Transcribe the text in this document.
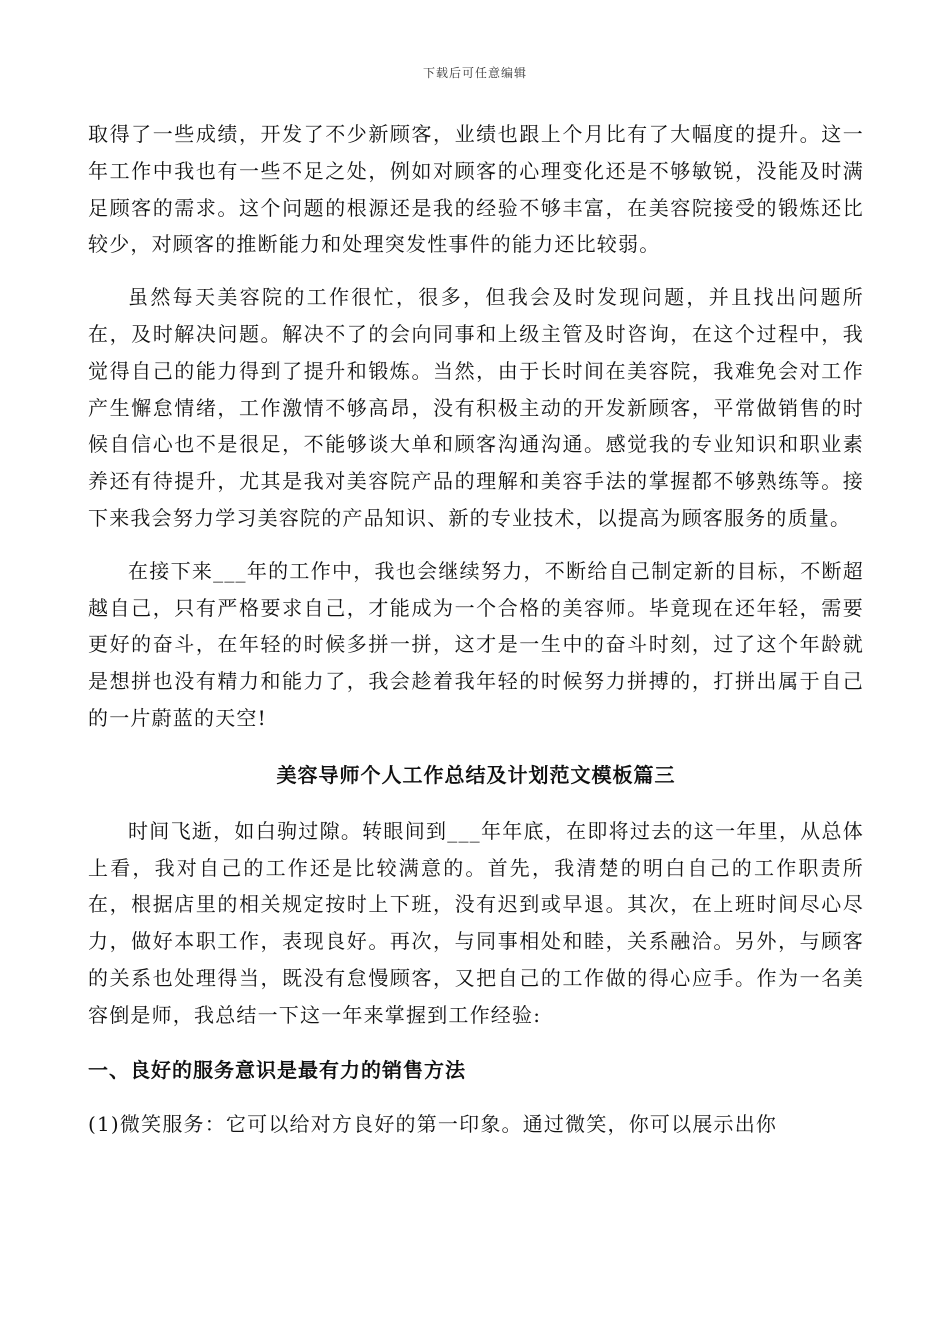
下载后可任意编辑

取得了一些成绩，开发了不少新顾客，业绩也跟上个月比有了大幅度的提升。这一年工作中我也有一些不足之处，例如对顾客的心理变化还是不够敏锐，没能及时满足顾客的需求。这个问题的根源还是我的经验不够丰富，在美容院接受的锻炼还比较少，对顾客的推断能力和处理突发性事件的能力还比较弱。

虽然每天美容院的工作很忙，很多，但我会及时发现问题，并且找出问题所在，及时解决问题。解决不了的会向同事和上级主管及时咨询，在这个过程中，我觉得自己的能力得到了提升和锻炼。当然，由于长时间在美容院，我难免会对工作产生懈怠情绪，工作激情不够高昂，没有积极主动的开发新顾客，平常做销售的时候自信心也不是很足，不能够谈大单和顾客沟通沟通。感觉我的专业知识和职业素养还有待提升，尤其是我对美容院产品的理解和美容手法的掌握都不够熟练等。接下来我会努力学习美容院的产品知识、新的专业技术，以提高为顾客服务的质量。

在接下来___年的工作中，我也会继续努力，不断给自己制定新的目标，不断超越自己，只有严格要求自己，才能成为一个合格的美容师。毕竟现在还年轻，需要更好的奋斗，在年轻的时候多拼一拼，这才是一生中的奋斗时刻，过了这个年龄就是想拼也没有精力和能力了，我会趁着我年轻的时候努力拼搏的，打拼出属于自己的一片蔚蓝的天空!

美容导师个人工作总结及计划范文模板篇三

时间飞逝，如白驹过隙。转眼间到___年年底，在即将过去的这一年里，从总体上看，我对自己的工作还是比较满意的。首先，我清楚的明白自己的工作职责所在，根据店里的相关规定按时上下班，没有迟到或早退。其次，在上班时间尽心尽力，做好本职工作，表现良好。再次，与同事相处和睦，关系融洽。另外，与顾客的关系也处理得当，既没有怠慢顾客，又把自己的工作做的得心应手。作为一名美容倒是师，我总结一下这一年来掌握到工作经验:

一、良好的服务意识是最有力的销售方法

(1)微笑服务：它可以给对方良好的第一印象。通过微笑，你可以展示出你
